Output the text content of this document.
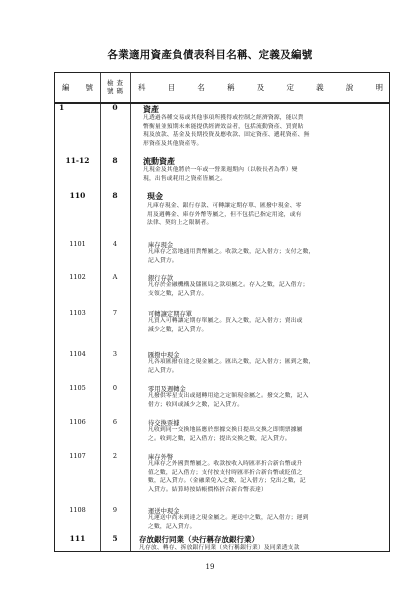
各業適用資產負債表科目名稱、定義及編號
編 號 檢 查
號 碼 科	目	名	稱	及	定	義	說	明
1	0	資產
凡透過各種交易或其他事項所獲得或控制之經濟資源，能以貨
幣衡量並預期未來能提供經濟效益者，包括流動資產、買賣貼
現及放款、基金及長期投資及應收款、固定資產、遞耗資產、無
形資產及其他資產等。
11-12	8	流動資產
凡現金及其他將於一年或一營業週期內（以較長者為準）變
現，出售或耗用之資產皆屬之。
110	8	現金
凡庫存現金、銀行存款、可轉讓定期存單、匯撥中現金、零
用及週轉金、庫存外幣等屬之，但不包括已指定用途，或有
法律、契約上之限制者。
1101	4	庫存現金
凡庫存之當地通用貨幣屬之。收款之數，記入借方；支付之數，
記入貸方。
1102	A	銀行存款
凡存於金融機構及儲匯局之款項屬之。存入之數，記入借方；
支領之數，記入貸方。
1103	7	可轉讓定期存單
凡買入可轉讓定期存單屬之。買入之數，記入借方；賣出或
減少之數，記入貸方。
1104	3	匯撥中現金
凡各項匯撥在途之現金屬之。匯出之數，記入借方；匯到之數，
記入貸方。
1105	0	零用及週轉金
凡撥供零星支出或週轉用途之定額現金屬之。撥交之數，記入
借方；收回或減少之數，記入貸方。
1106	6	待交換票據
凡收到同一交換地區應於票據交換日提出交換之即期票據屬
之。收到之數，記入借方；提出交換之數，記入貸方。
1107	2	庫存外幣
凡庫存之外國貨幣屬之。收款按收入時匯率折合新台幣或升
值之數，記入借方；支付按支付時匯率折合新台幣或貶值之
數，記入貸方。（金融業免入之數，記入借方；兌出之數，記
入貸方。結算時按結帳價格折合新台幣表達）
1108	9	運送中現金
凡運送中尚未到達之現金屬之。運送中之數，記入借方；運到
之數，記入貸方。
111	5	存放銀行同業（央行稱存放銀行業）
凡存放、轉存、拆放銀行同業（央行稱銀行業）及同業透支款
19
